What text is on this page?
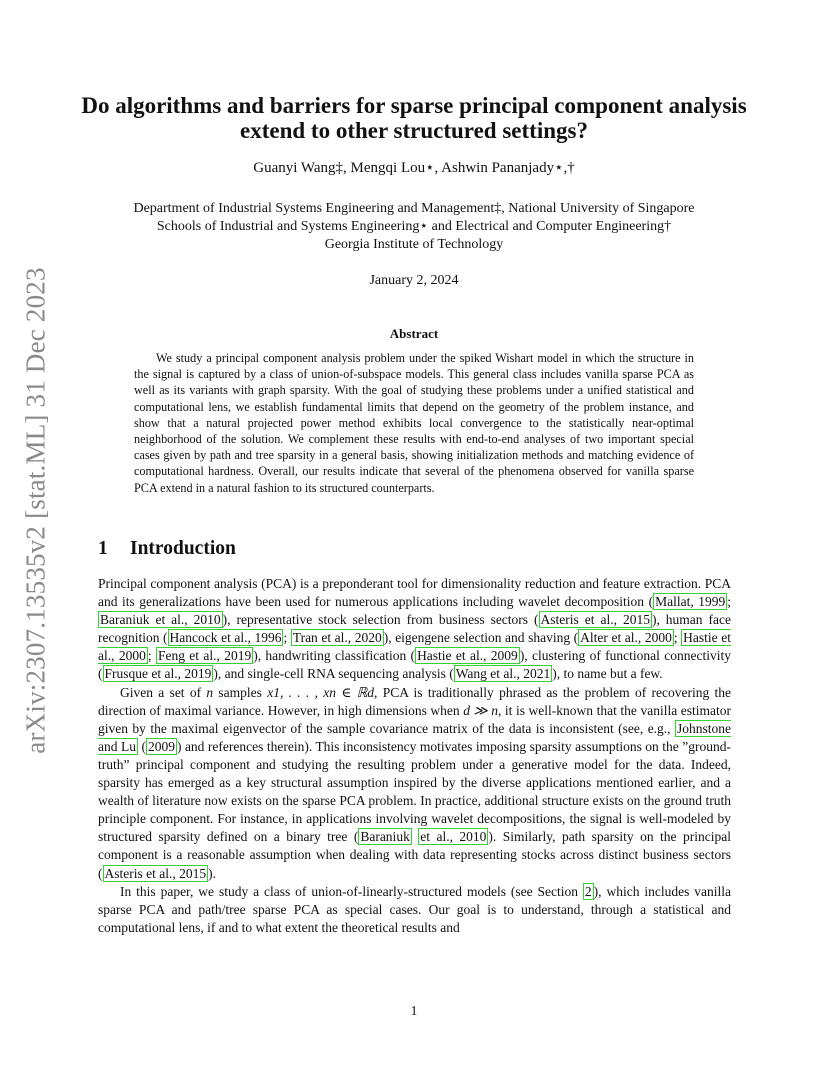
arXiv:2307.13535v2 [stat.ML] 31 Dec 2023
Do algorithms and barriers for sparse principal component analysis extend to other structured settings?
Guanyi Wang‡, Mengqi Lou⋆, Ashwin Pananjady⋆,†
Department of Industrial Systems Engineering and Management‡, National University of Singapore
Schools of Industrial and Systems Engineering⋆ and Electrical and Computer Engineering†
Georgia Institute of Technology
January 2, 2024
Abstract
We study a principal component analysis problem under the spiked Wishart model in which the structure in the signal is captured by a class of union-of-subspace models. This general class includes vanilla sparse PCA as well as its variants with graph sparsity. With the goal of studying these problems under a unified statistical and computational lens, we establish fundamental limits that depend on the geometry of the problem instance, and show that a natural projected power method exhibits local convergence to the statistically near-optimal neighborhood of the solution. We complement these results with end-to-end analyses of two important special cases given by path and tree sparsity in a general basis, showing initialization methods and matching evidence of computational hardness. Overall, our results indicate that several of the phenomena observed for vanilla sparse PCA extend in a natural fashion to its structured counterparts.
1 Introduction

Principal component analysis (PCA) is a preponderant tool for dimensionality reduction and feature extraction. PCA and its generalizations have been used for numerous applications including wavelet decomposition ( Mallat, 1999 ; Baraniuk et al., 2010 ), representative stock selection from business sectors ( Asteris et al., 2015 ), human face recognition ( Hancock et al., 1996 ; Tran et al., 2020 ), eigengene selection and shaving ( Alter et al., 2000 ; Hastie et al., 2000 ; Feng et al., 2019 ), handwriting classification ( Hastie et al., 2009 ), clustering of functional connectivity ( Frusque et al., 2019 ), and single-cell RNA sequencing analysis ( Wang et al., 2021 ), to name but a few.

Given a set of n samples x1, . . . , xn ∈ ℝd, PCA is traditionally phrased as the problem of recovering the direction of maximal variance. However, in high dimensions when d ≫ n, it is well-known that the vanilla estimator given by the maximal eigenvector of the sample covariance matrix of the data is inconsistent (see, e.g., Johnstone and Lu ( 2009 ) and references therein). This inconsistency motivates imposing sparsity assumptions on the ”ground-truth” principal component and studying the resulting problem under a generative model for the data. Indeed, sparsity has emerged as a key structural assumption inspired by the diverse applications mentioned earlier, and a wealth of literature now exists on the sparse PCA problem. In practice, additional structure exists on the ground truth principle component. For instance, in applications involving wavelet decompositions, the signal is well-modeled by structured sparsity defined on a binary tree ( Baraniuk et al., 2010 ). Similarly, path sparsity on the principal component is a reasonable assumption when dealing with data representing stocks across distinct business sectors ( Asteris et al., 2015 ).

In this paper, we study a class of union-of-linearly-structured models (see Section 2 ), which includes vanilla sparse PCA and path/tree sparse PCA as special cases. Our goal is to understand, through a statistical and computational lens, if and to what extent the theoretical results and

1
